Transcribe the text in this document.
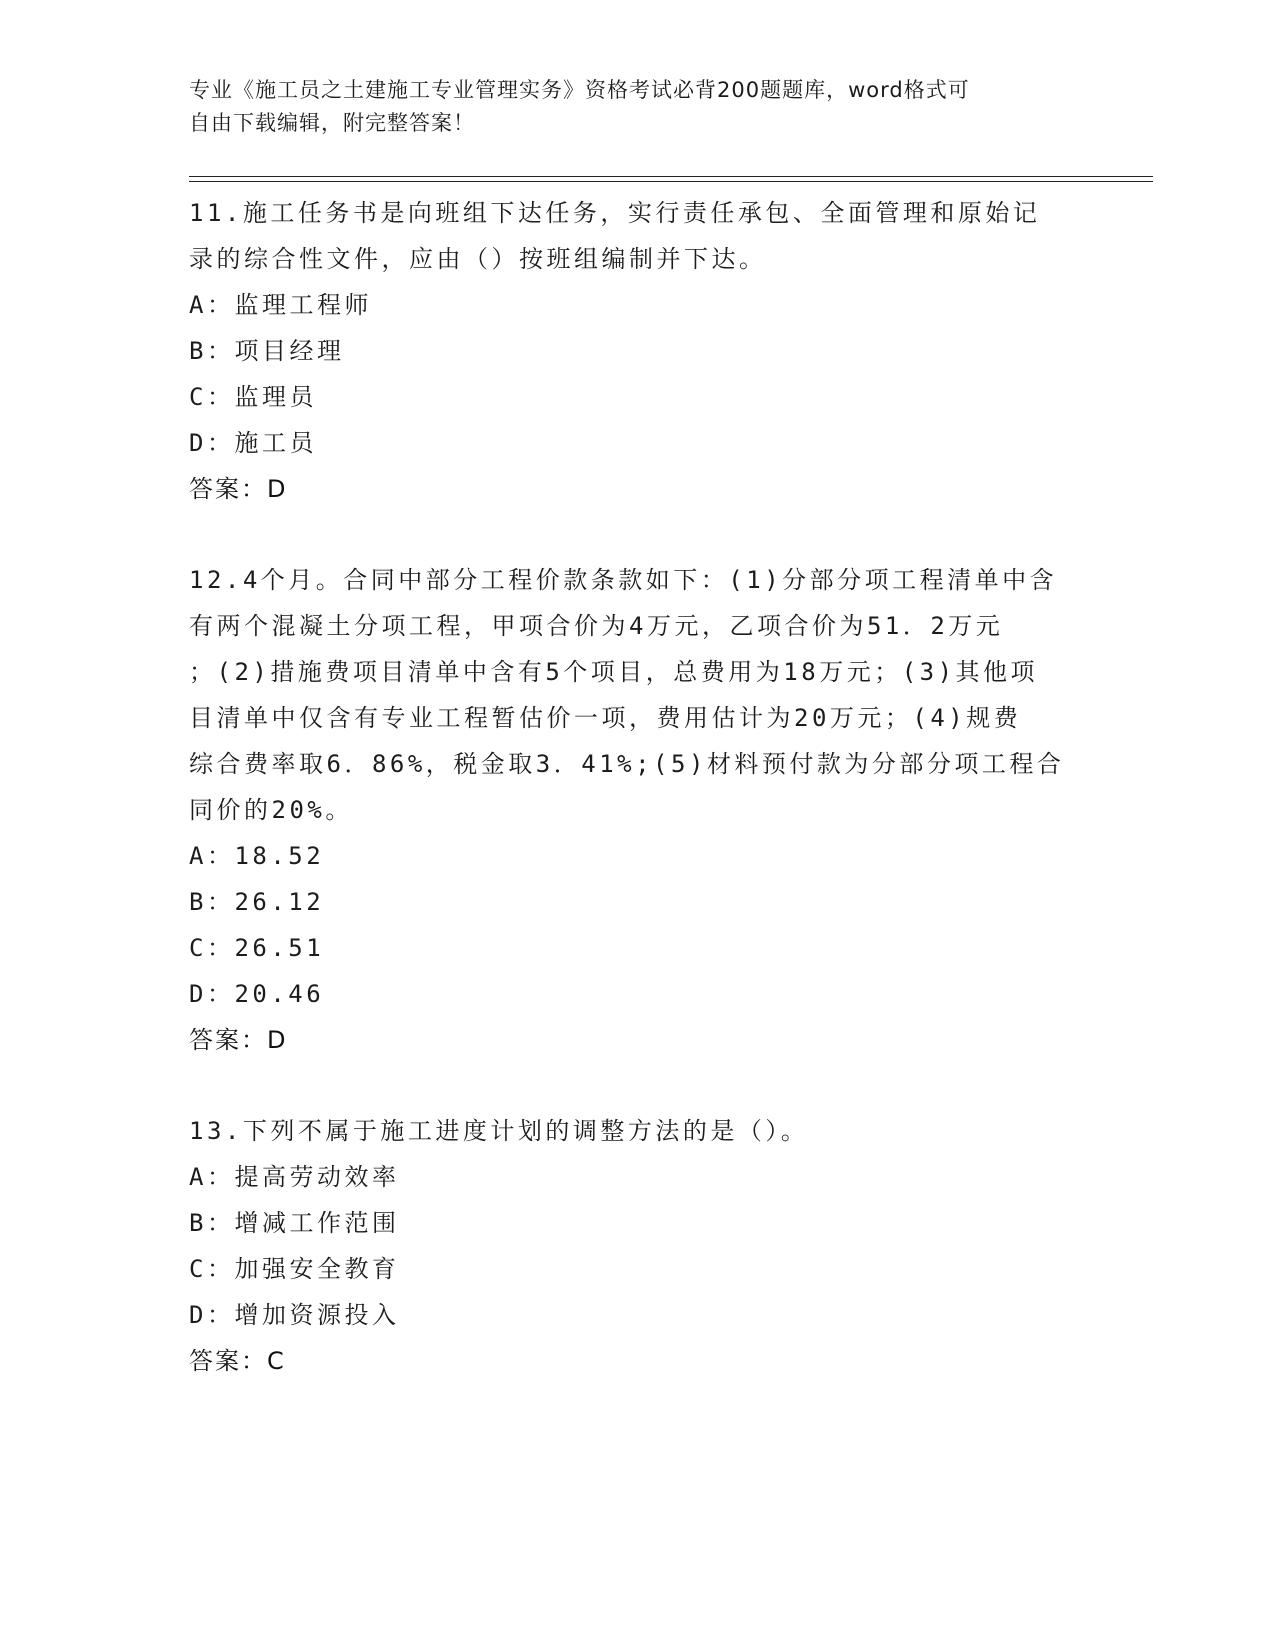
专业《施工员之土建施工专业管理实务》资格考试必背200题题库，word格式可
自由下载编辑，附完整答案！
11.施工任务书是向班组下达任务，实行责任承包、全面管理和原始记
录的综合性文件，应由（）按班组编制并下达。
A：监理工程师
B：项目经理
C：监理员
D：施工员
答案：D
12.4个月。合同中部分工程价款条款如下：(1)分部分项工程清单中含
有两个混凝土分项工程，甲项合价为4万元，乙项合价为51．2万元
；(2)措施费项目清单中含有5个项目，总费用为18万元；(3)其他项
目清单中仅含有专业工程暂估价一项，费用估计为20万元；(4)规费
综合费率取6．86%，税金取3．41%;(5)材料预付款为分部分项工程合
同价的20%。
A：18.52
B：26.12
C：26.51
D：20.46
答案：D
13.下列不属于施工进度计划的调整方法的是（）。
A：提高劳动效率
B：增减工作范围
C：加强安全教育
D：增加资源投入
答案：C
